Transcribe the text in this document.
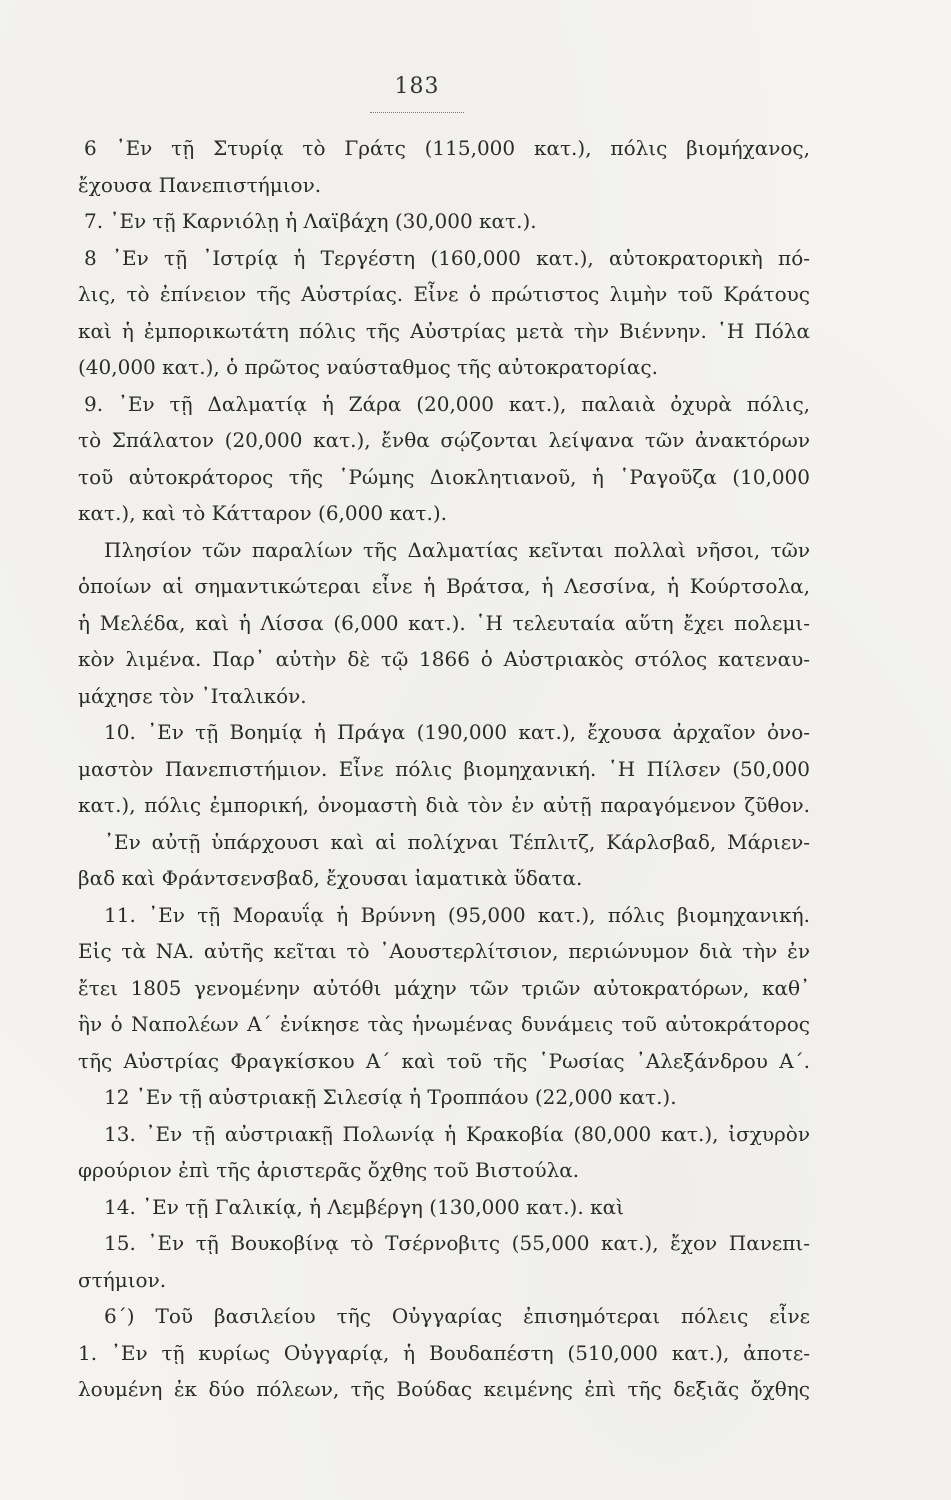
183
6 ᾿Εν τῇ Στυρίᾳ τὸ Γράτς (115,000 κατ.), πόλις βιομήχανος,
ἔχουσα Πανεπιστήμιον.
7. ᾿Εν τῇ Καρνιόλῃ ἡ Λαϊβάχη (30,000 κατ.).
8 ᾿Εν τῇ ᾿Ιστρίᾳ ἡ Τεργέστη (160,000 κατ.), αὐτοκρατορικὴ πό-
λις, τὸ ἐπίνειον τῆς Αὐστρίας. Εἶνε ὁ πρώτιστος λιμὴν τοῦ Κράτους
καὶ ἡ ἐμπορικωτάτη πόλις τῆς Αὐστρίας μετὰ τὴν Βιέννην. ῾Η Πόλα
(40,000 κατ.), ὁ πρῶτος ναύσταθμος τῆς αὐτοκρατορίας.
9. ᾿Εν τῇ Δαλματίᾳ ἡ Ζάρα (20,000 κατ.), παλαιὰ ὀχυρὰ πόλις,
τὸ Σπάλατον (20,000 κατ.), ἔνθα σῴζονται λείψανα τῶν ἀνακτόρων
τοῦ αὐτοκράτορος τῆς ῾Ρώμης Διοκλητιανοῦ, ἡ ῾Ραγοῦζα (10,000
κατ.), καὶ τὸ Κάτταρον (6,000 κατ.).
Πλησίον τῶν παραλίων τῆς Δαλματίας κεῖνται πολλαὶ νῆσοι, τῶν
ὁποίων αἱ σημαντικώτεραι εἶνε ἡ Βράτσα, ἡ Λεσσίνα, ἡ Κούρτσολα,
ἡ Μελέδα, καὶ ἡ Λίσσα (6,000 κατ.). ῾Η τελευταία αὕτη ἔχει πολεμι-
κὸν λιμένα. Παρ᾿ αὐτὴν δὲ τῷ 1866 ὁ Αὐστριακὸς στόλος κατεναυ-
μάχησε τὸν ᾿Ιταλικόν.
10. ᾿Εν τῇ Βοημίᾳ ἡ Πράγα (190,000 κατ.), ἔχουσα ἀρχαῖον ὀνο-
μαστὸν Πανεπιστήμιον. Εἶνε πόλις βιομηχανική. ῾Η Πίλσεν (50,000
κατ.), πόλις ἐμπορική, ὀνομαστὴ διὰ τὸν ἐν αὐτῇ παραγόμενον ζῦθον.
᾿Εν αὐτῇ ὑπάρχουσι καὶ αἱ πολίχναι Τέπλιτζ, Κάρλσβαδ, Μάριεν-
βαδ καὶ Φράντσενσβαδ, ἔχουσαι ἰαματικὰ ὕδατα.
11. ᾿Εν τῇ Μοραυΐᾳ ἡ Βρύννη (95,000 κατ.), πόλις βιομηχανική.
Εἰς τὰ ΝΑ. αὐτῆς κεῖται τὸ ᾿Αουστερλίτσιον, περιώνυμον διὰ τὴν ἐν
ἔτει 1805 γενομένην αὐτόθι μάχην τῶν τριῶν αὐτοκρατόρων, καθ᾿
ἣν ὁ Ναπολέων Α΄ ἐνίκησε τὰς ἡνωμένας δυνάμεις τοῦ αὐτοκράτορος
τῆς Αὐστρίας Φραγκίσκου Α΄ καὶ τοῦ τῆς ῾Ρωσίας ᾿Αλεξάνδρου Α΄.
12 ᾿Εν τῇ αὐστριακῇ Σιλεσίᾳ ἡ Τροππάου (22,000 κατ.).
13. ᾿Εν τῇ αὐστριακῇ Πολωνίᾳ ἡ Κρακοβία (80,000 κατ.), ἰσχυρὸν
φρούριον ἐπὶ τῆς ἀριστερᾶς ὄχθης τοῦ Βιστούλα.
14. ᾿Εν τῇ Γαλικίᾳ, ἡ Λεμβέργη (130,000 κατ.). καὶ
15. ᾿Εν τῇ Βουκοβίνᾳ τὸ Τσέρνοβιτς (55,000 κατ.), ἔχον Πανεπι-
στήμιον.
6΄) Τοῦ βασιλείου τῆς Οὐγγαρίας ἐπισημότεραι πόλεις εἶνε
1. ᾿Εν τῇ κυρίως Οὐγγαρίᾳ, ἡ Βουδαπέστη (510,000 κατ.), ἀποτε-
λουμένη ἐκ δύο πόλεων, τῆς Βούδας κειμένης ἐπὶ τῆς δεξιᾶς ὄχθης
